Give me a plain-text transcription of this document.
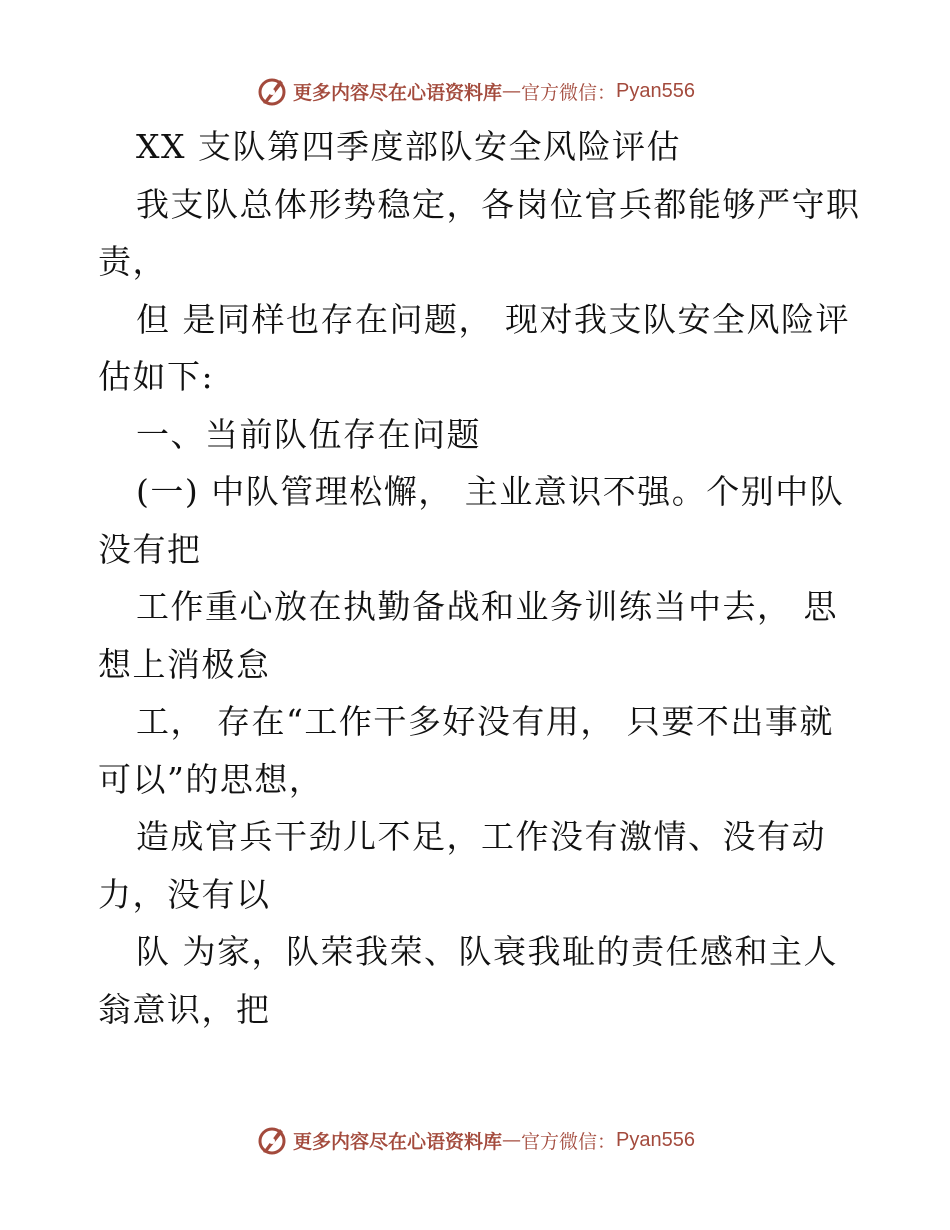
更多内容尽在心语资料库 — 官方微信： Pyan556
XX 支队第四季度部队安全风险评估
我支队总体形势稳定，各岗位官兵都能够严守职
责，
但 是同样也存在问题， 现对我支队安全风险评
估如下:
一、当前队伍存在问题
(一) 中队管理松懈， 主业意识不强。个别中队
没有把
工作重心放在执勤备战和业务训练当中去， 思
想上消极怠
工， 存在“工作干多好没有用， 只要不出事就
可以”的思想，
造成官兵干劲儿不足，工作没有激情、没有动
力，没有以
队 为家，队荣我荣、队衰我耻的责任感和主人
翁意识，把
更多内容尽在心语资料库 — 官方微信： Pyan556
